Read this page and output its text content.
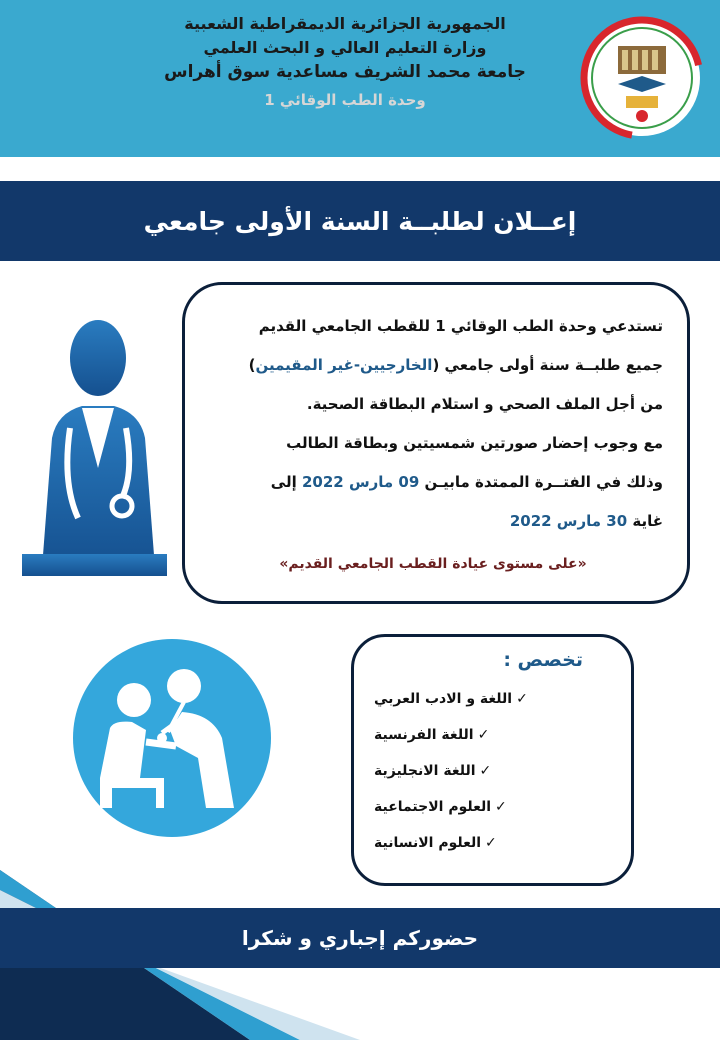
الجمهورية الجزائرية الديمقراطية الشعبية
وزارة التعليم العالي و البحث العلمي
جامعة محمد الشريف مساعدية سوق أهراس
وحدة الطب الوقائي 1
إعــلان لطلبــة السنة الأولى جامعي

تستدعي وحدة الطب الوقائي 1 للقطب الجامعي القديم

جميع طلبــة سنة أولى جامعي (الخارجيين-غير المقيمين)

من أجل الملف الصحي و استلام البطاقة الصحية.

مع وجوب إحضار صورتين شمسيتين وبطاقة الطالب

وذلك في الفتــرة الممتدة مابيـن 09 مارس 2022 إلى

غاية 30 مارس 2022

«على مستوى عيادة القطب الجامعي القديم»

تخصص :
✓
اللغة و الادب العربي
✓
اللغة الفرنسية
✓
اللغة الانجليزية
✓
العلوم الاجتماعية
✓
العلوم الانسانية
حضوركم إجباري و شكرا
